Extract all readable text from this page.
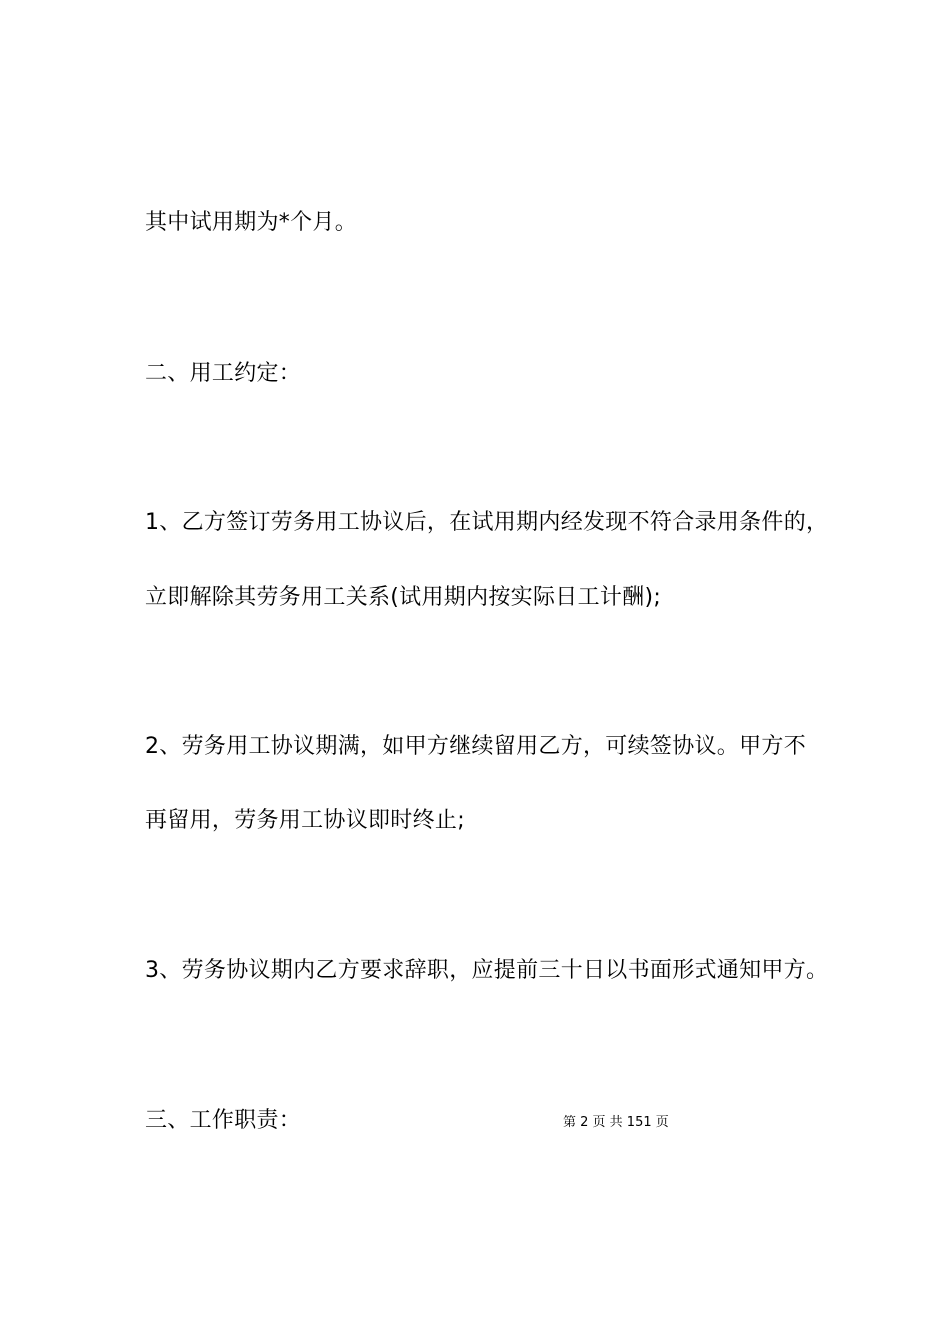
其中试用期为*个月。
二、用工约定：
1、乙方签订劳务用工协议后，在试用期内经发现不符合录用条件的，
立即解除其劳务用工关系(试用期内按实际日工计酬);
2、劳务用工协议期满，如甲方继续留用乙方，可续签协议。甲方不
再留用，劳务用工协议即时终止;
3、劳务协议期内乙方要求辞职，应提前三十日以书面形式通知甲方。
三、工作职责：	第 2 页 共 151 页
